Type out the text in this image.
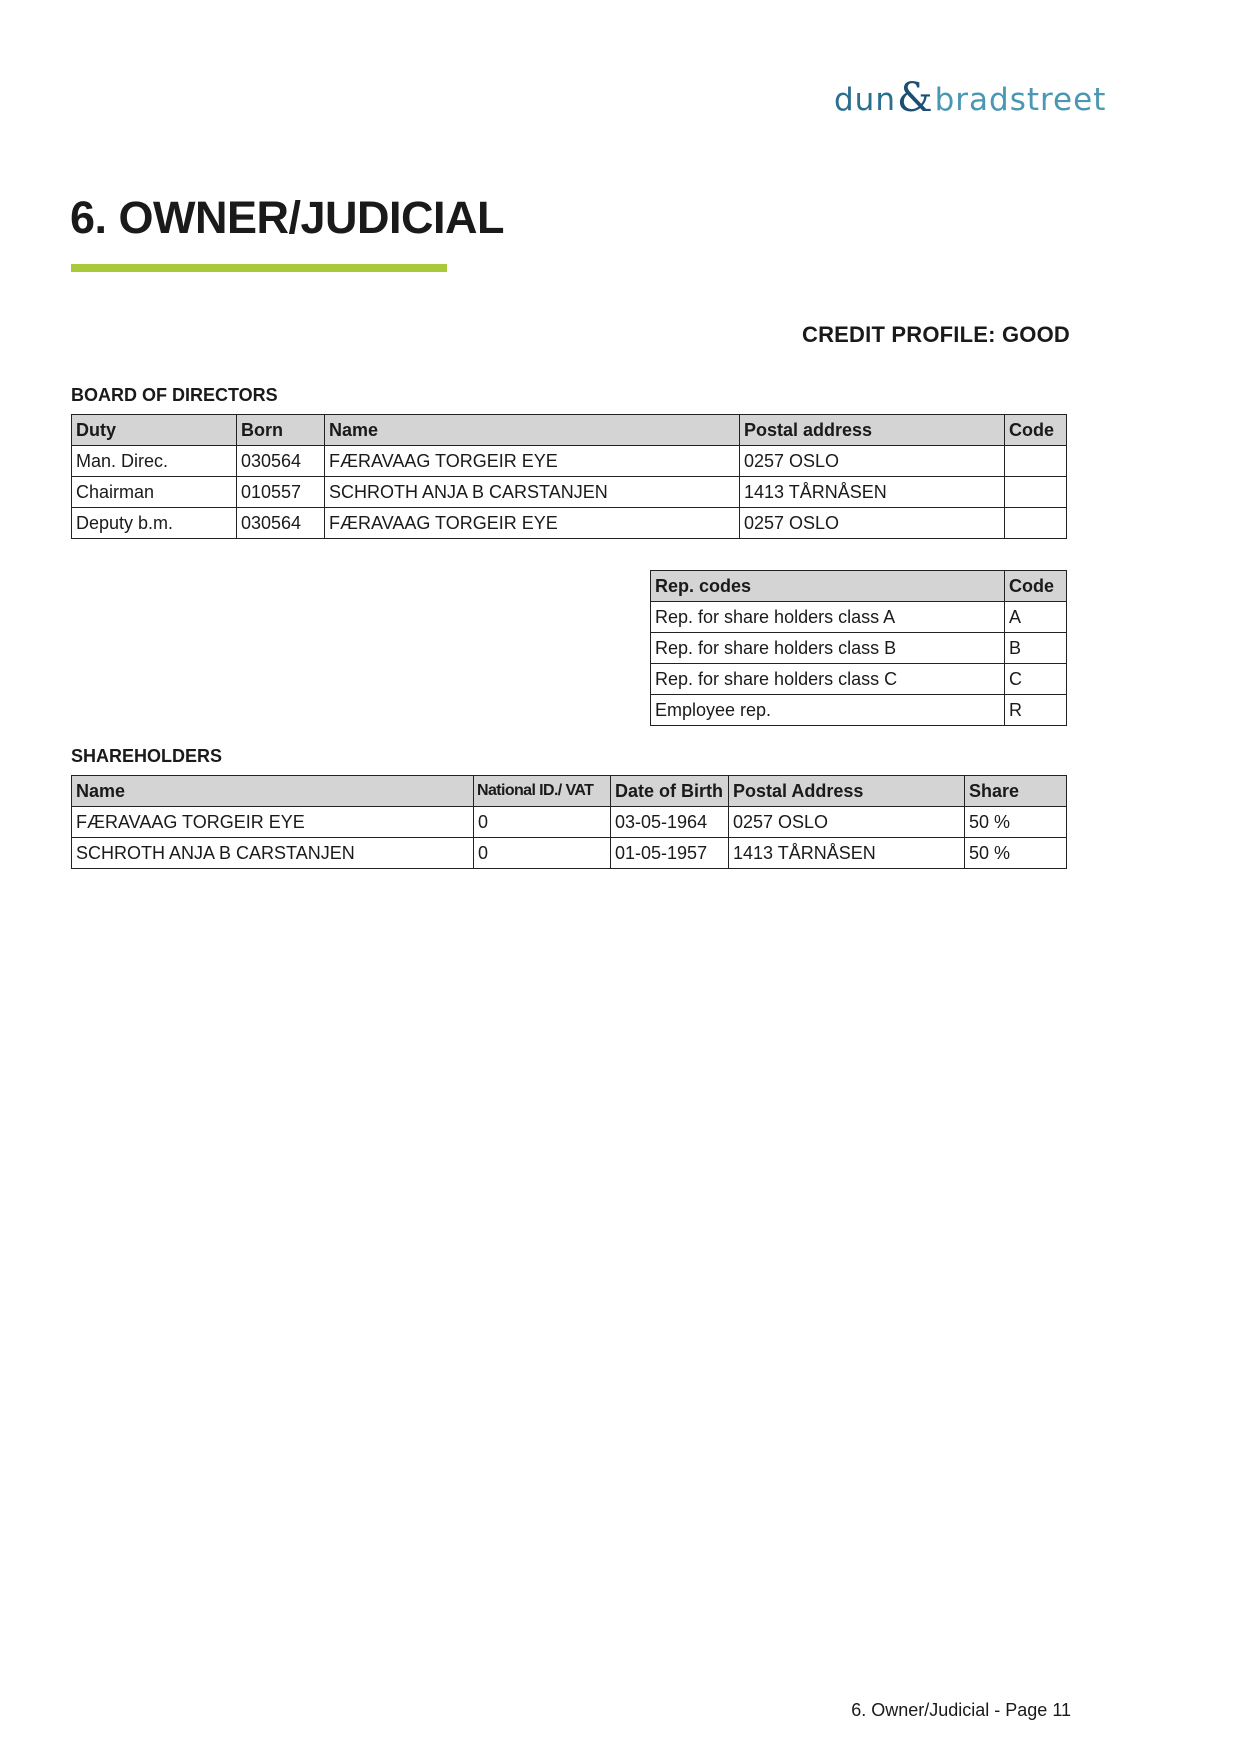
dun & bradstreet
6. OWNER/JUDICIAL
CREDIT PROFILE: GOOD
BOARD OF DIRECTORS
Duty	Born	Name	Postal address	Code
Man. Direc.	030564	FÆRAVAAG TORGEIR EYE	0257 OSLO	
Chairman	010557	SCHROTH ANJA B CARSTANJEN	1413 TÅRNÅSEN	
Deputy b.m.	030564	FÆRAVAAG TORGEIR EYE	0257 OSLO	
Rep. codes	Code
Rep. for share holders class A	A
Rep. for share holders class B	B
Rep. for share holders class C	C
Employee rep.	R
SHAREHOLDERS
Name	National ID./ VAT	Date of Birth	Postal Address	Share
FÆRAVAAG TORGEIR EYE	0	03-05-1964	0257 OSLO	50 %
SCHROTH ANJA B CARSTANJEN	0	01-05-1957	1413 TÅRNÅSEN	50 %
6. Owner/Judicial - Page 11
